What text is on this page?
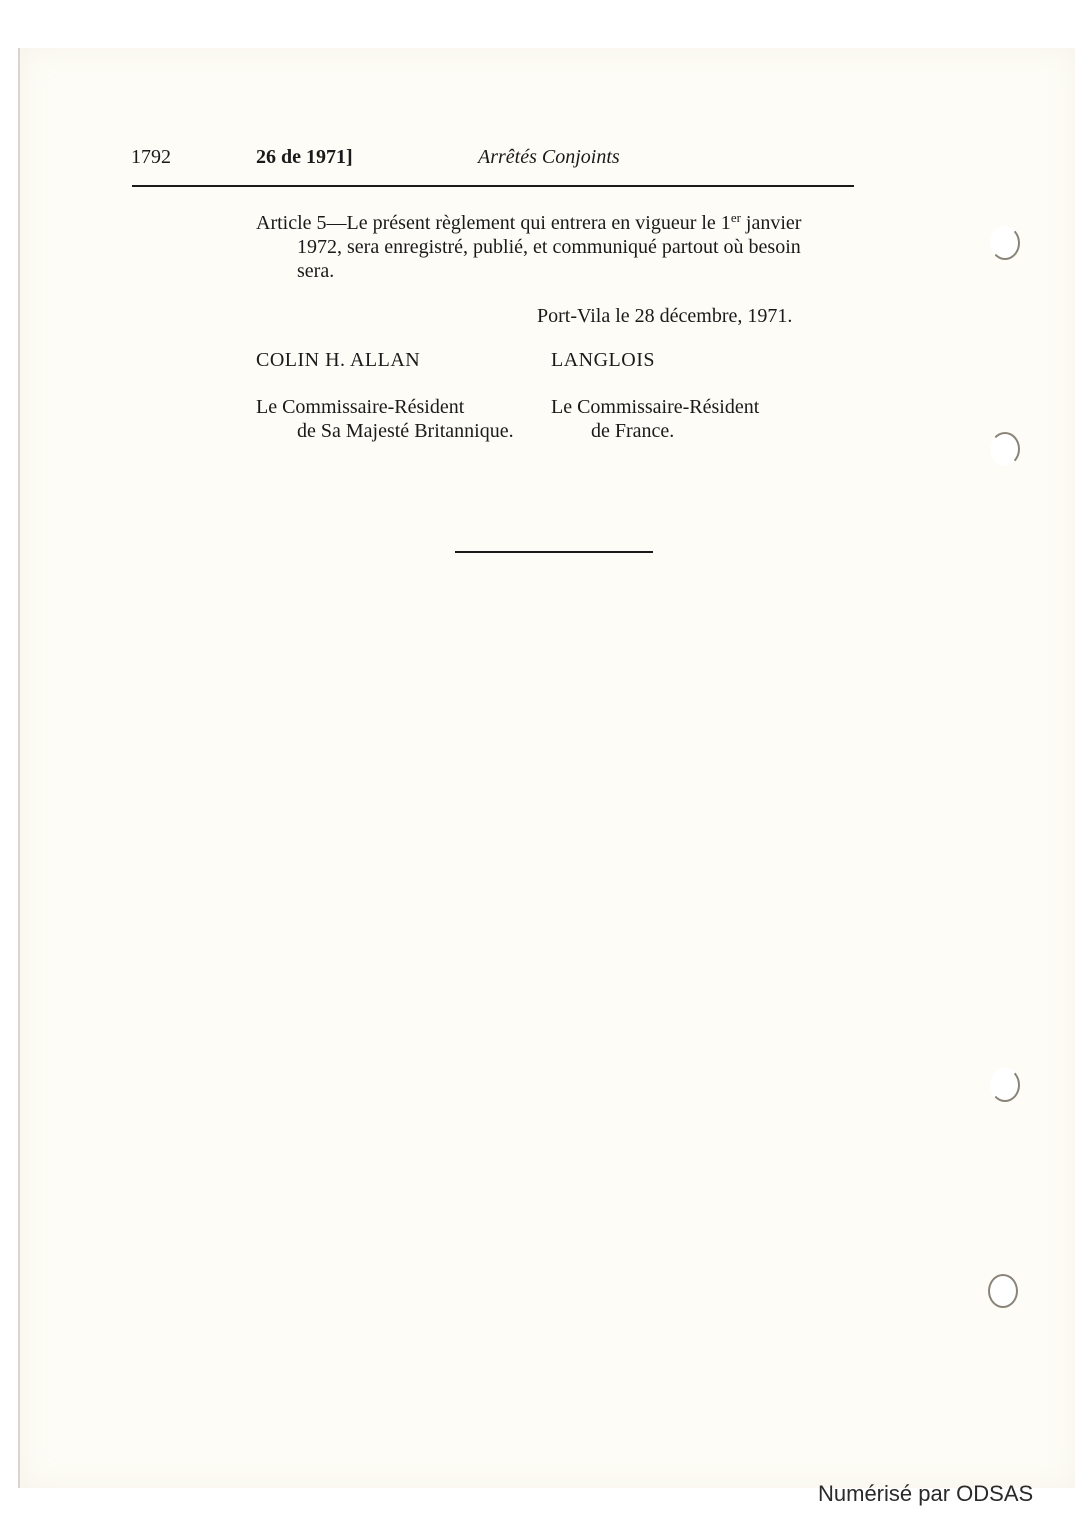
1792	26 de 1971]	Arrêtés Conjoints
Article 5—Le présent règlement qui entrera en vigueur le 1er janvier
1972, sera enregistré, publié, et communiqué partout où besoin
sera.
Port-Vila le 28 décembre, 1971.
COLIN H. ALLAN	LANGLOIS
Le Commissaire-Résident
de Sa Majesté Britannique.
Le Commissaire-Résident
de France.
Numérisé par ODSAS
